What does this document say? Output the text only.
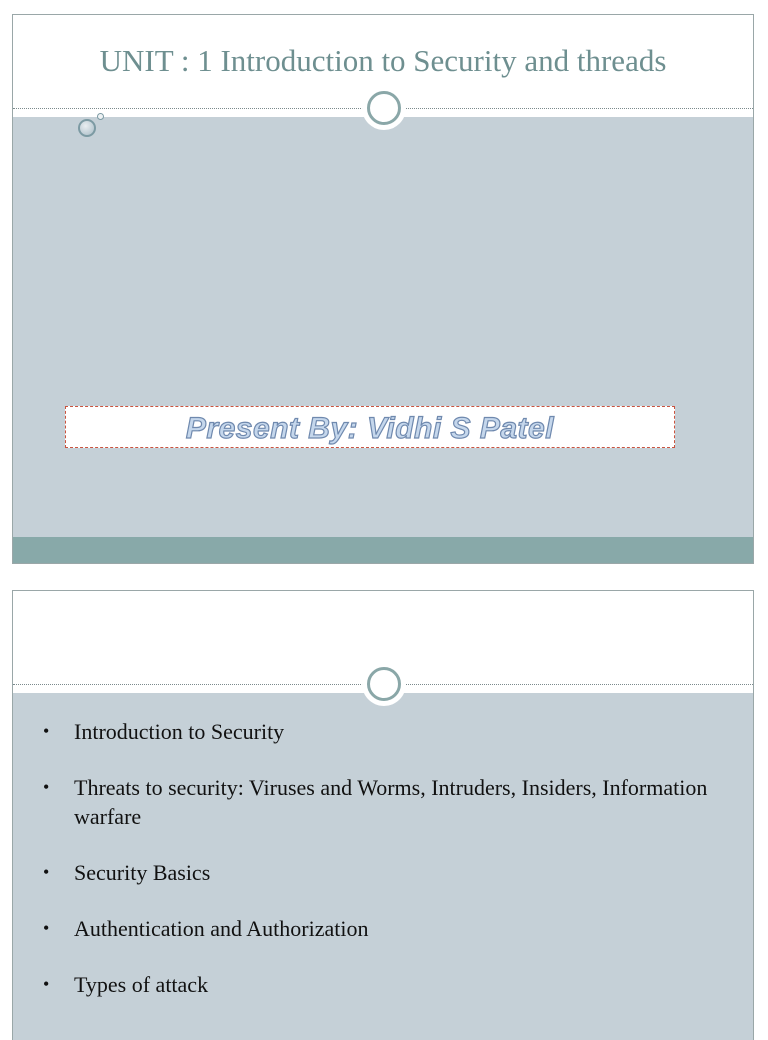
UNIT : 1 Introduction to Security and threads
Present By: Vidhi S Patel
• Introduction to Security
• Threats to security: Viruses and Worms, Intruders, Insiders, Information warfare
• Security Basics
• Authentication and Authorization
• Types of attack
